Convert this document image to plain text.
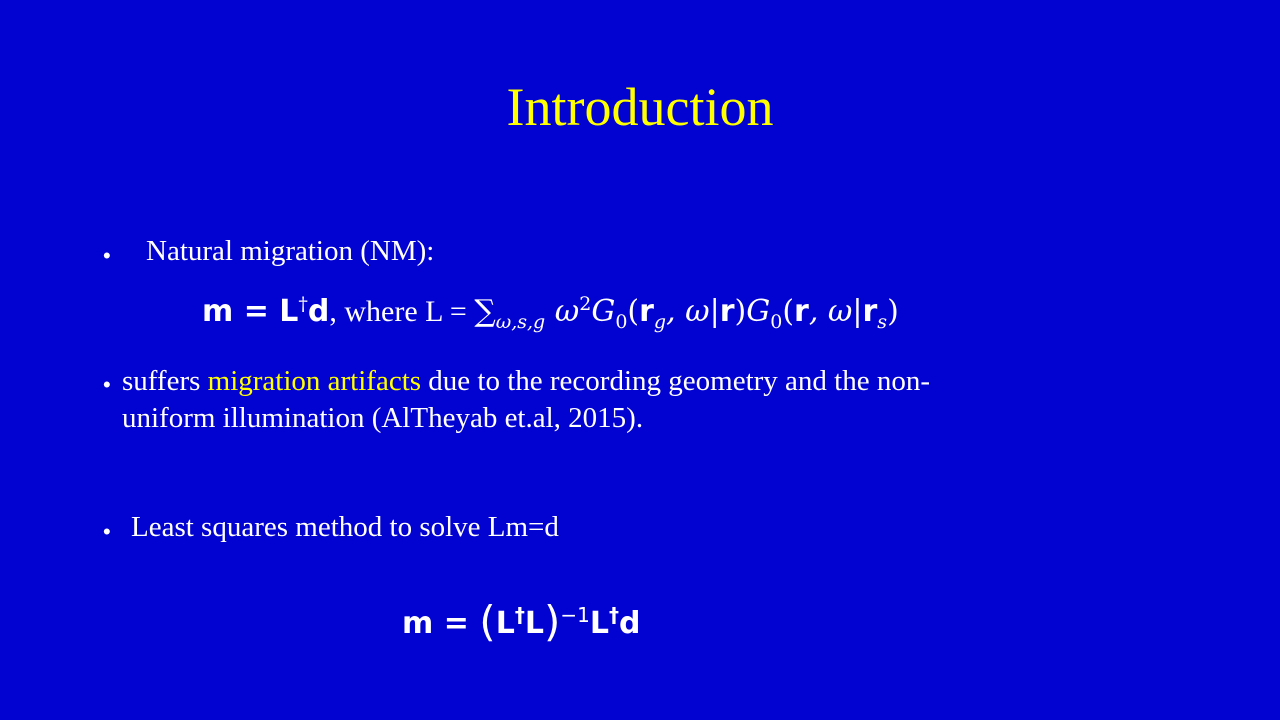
Introduction
• Natural migration (NM):
m = L†d, where $L = \sum_{\omega,s,g}$ $\omega^2G_0(r_g$, $\omega|r)G_0(r$, $\omega|r_s$)
• suffers migration artifacts due to the recording geometry and the non-
uniform illumination (AlTheyab et.al, 2015).
• Least squares method to solve Lm=d
$m = (L^\dagger L)^{-1}L^\dagger d$
